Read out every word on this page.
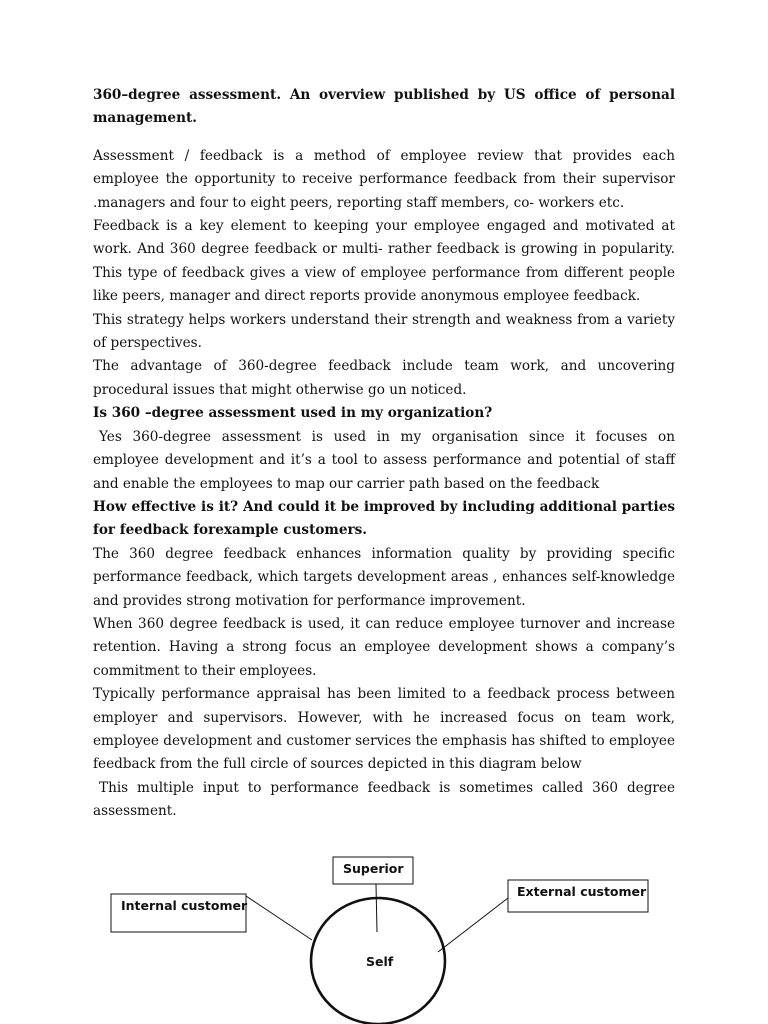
360–degree assessment. An overview published by US office of personal management.

Assessment / feedback is a method of employee review that provides each employee the opportunity to receive performance feedback from their supervisor .managers and four to eight peers, reporting staff members, co- workers etc.

Feedback is a key element to keeping your employee engaged and motivated at work. And 360 degree feedback or multi- rather feedback is growing in popularity. This type of feedback gives a view of employee performance from different people like peers, manager and direct reports provide anonymous employee feedback.

This strategy helps workers understand their strength and weakness from a variety of perspectives.

The advantage of 360-degree feedback include team work, and uncovering procedural issues that might otherwise go un noticed.

Is 360 –degree assessment used in my organization?

Yes 360-degree assessment is used in my organisation since it focuses on employee development and it’s a tool to assess performance and potential of staff and enable the employees to map our carrier path based on the feedback

How effective is it? And could it be improved by including additional parties for feedback forexample customers.

The 360 degree feedback enhances information quality by providing specific performance feedback, which targets development areas , enhances self-knowledge and provides strong motivation for performance improvement.

When 360 degree feedback is used, it can reduce employee turnover and increase retention. Having a strong focus an employee development shows a company’s commitment to their employees.

Typically performance appraisal has been limited to a feedback process between employer and supervisors. However, with he increased focus on team work, employee development and customer services the emphasis has shifted to employee feedback from the full circle of sources depicted in this diagram below

This multiple input to performance feedback is sometimes called 360 degree assessment.

Superior
Internal customer
External customer
Self
